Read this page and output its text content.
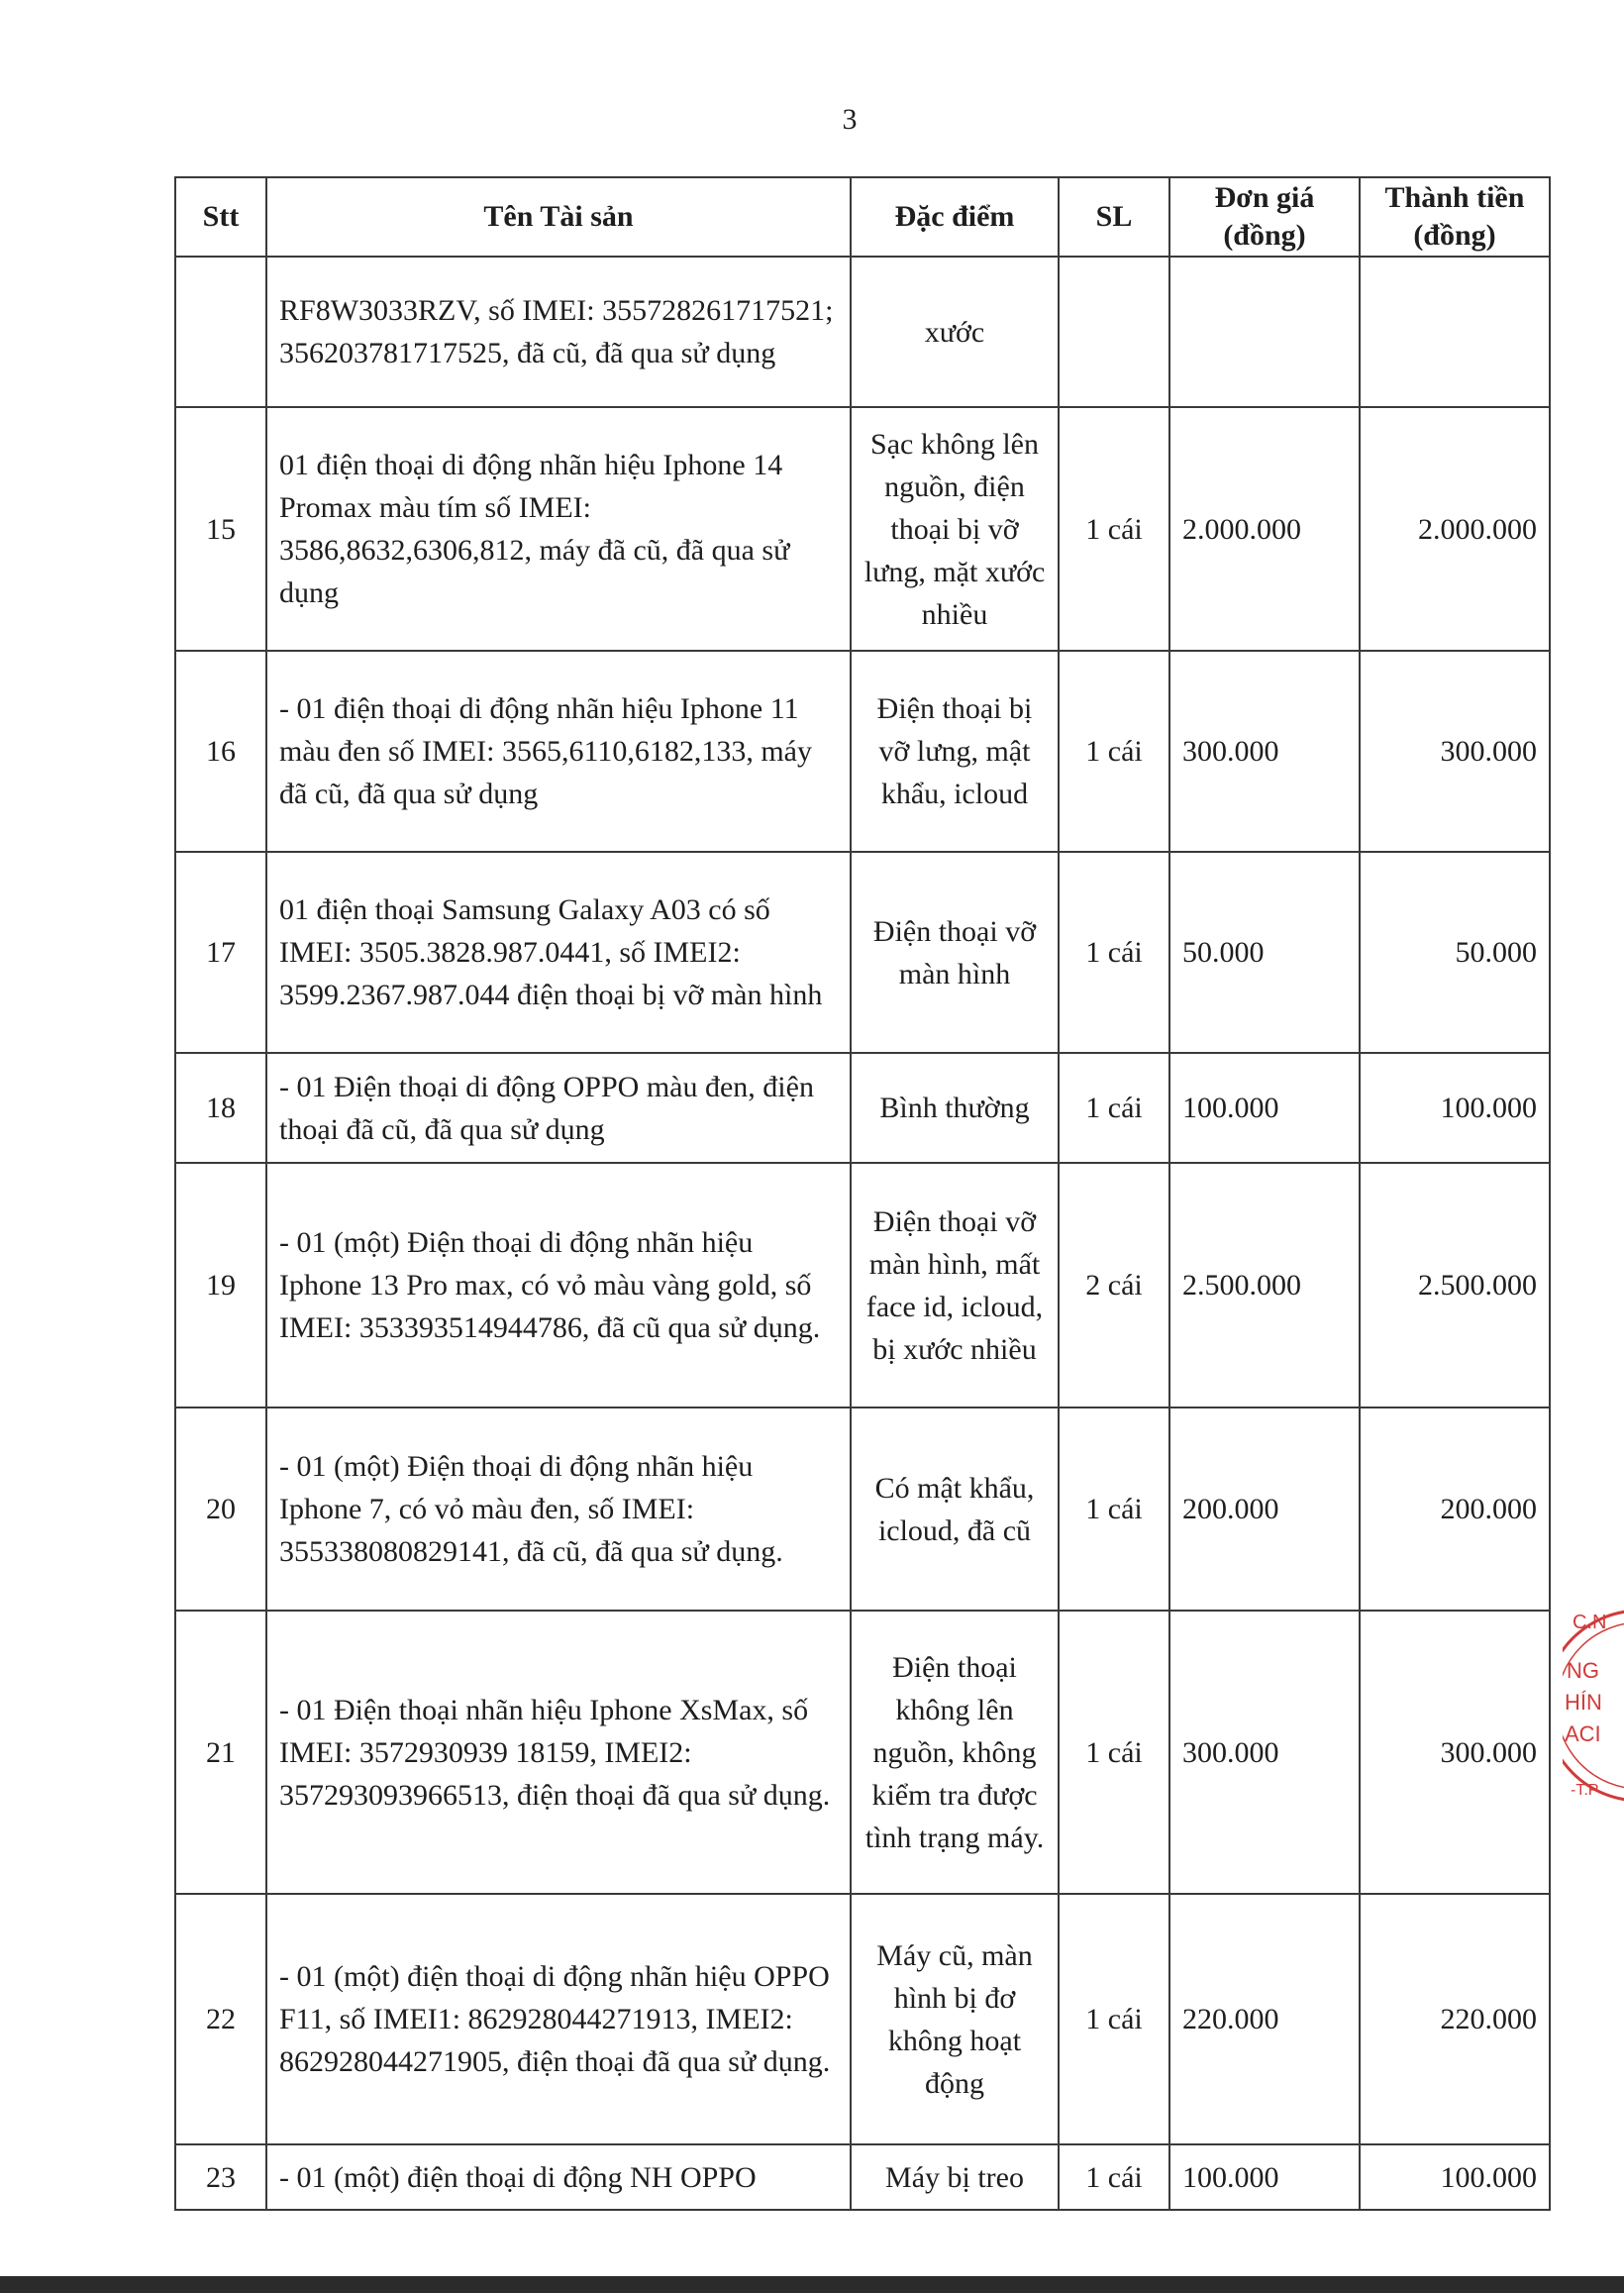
3
Stt	Tên Tài sản	Đặc điểm	SL	Đơn giá (đồng)	Thành tiền (đồng)
	RF8W3033RZV, số IMEI: 355728261717521; 356203781717525, đã cũ, đã qua sử dụng	xước			
15	01 điện thoại di động nhãn hiệu Iphone 14 Promax màu tím số IMEI: 3586,8632,6306,812, máy đã cũ, đã qua sử dụng	Sạc không lên nguồn, điện thoại bị vỡ lưng, mặt xước nhiều	1 cái	2.000.000	2.000.000
16	- 01 điện thoại di động nhãn hiệu Iphone 11 màu đen số IMEI: 3565,6110,6182,133, máy đã cũ, đã qua sử dụng	Điện thoại bị vỡ lưng, mật khẩu, icloud	1 cái	300.000	300.000
17	01 điện thoại Samsung Galaxy A03 có số IMEI: 3505.3828.987.0441, số IMEI2: 3599.2367.987.044 điện thoại bị vỡ màn hình	Điện thoại vỡ màn hình	1 cái	50.000	50.000
18	- 01 Điện thoại di động OPPO màu đen, điện thoại đã cũ, đã qua sử dụng	Bình thường	1 cái	100.000	100.000
19	- 01 (một) Điện thoại di động nhãn hiệu Iphone 13 Pro max, có vỏ màu vàng gold, số IMEI: 353393514944786, đã cũ qua sử dụng.	Điện thoại vỡ màn hình, mất face id, icloud, bị xước nhiều	2 cái	2.500.000	2.500.000
20	- 01 (một) Điện thoại di động nhãn hiệu Iphone 7, có vỏ màu đen, số IMEI: 355338080829141, đã cũ, đã qua sử dụng.	Có mật khẩu, icloud, đã cũ	1 cái	200.000	200.000
21	- 01 Điện thoại nhãn hiệu Iphone XsMax, số IMEI: 3572930939 18159, IMEI2: 357293093966513, điện thoại đã qua sử dụng.	Điện thoại không lên nguồn, không kiểm tra được tình trạng máy.	1 cái	300.000	300.000
22	- 01 (một) điện thoại di động nhãn hiệu OPPO F11, số IMEI1: 862928044271913, IMEI2: 862928044271905, điện thoại đã qua sử dụng.	Máy cũ, màn hình bị đơ không hoạt động	1 cái	220.000	220.000
23	- 01 (một) điện thoại di động NH OPPO	Máy bị treo	1 cái	100.000	100.000
C.N
NG
HÍN
ACI
-T.P
